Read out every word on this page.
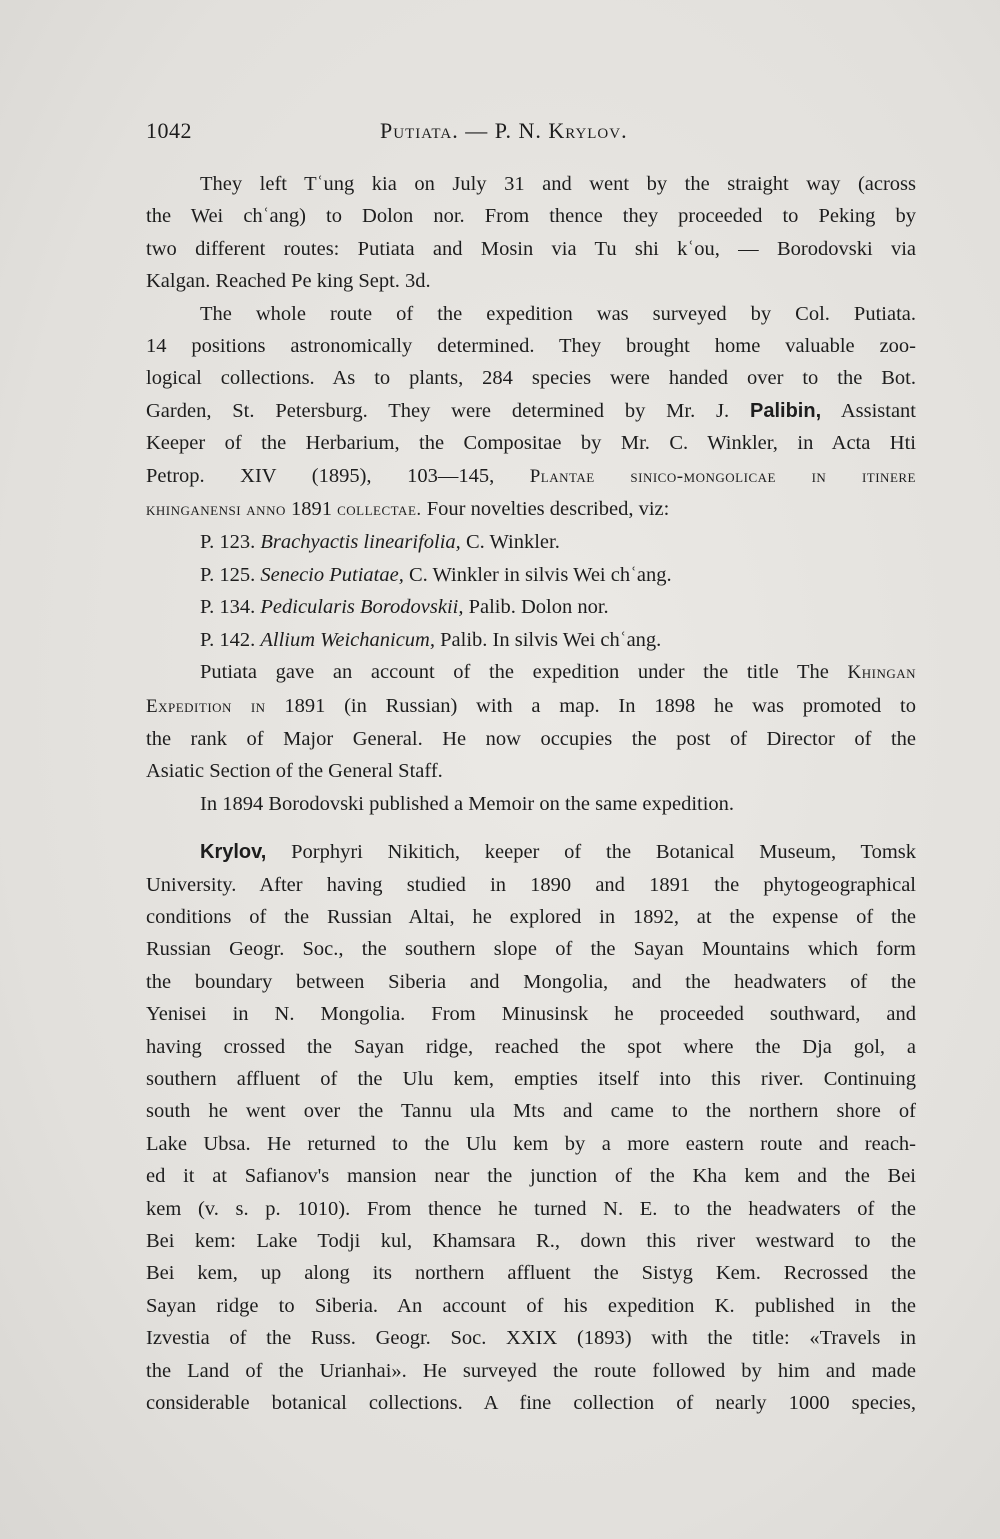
1042	Putiata. — P. N. Krylov.
They left Tʿung kia on July 31 and went by the straight way (across
the Wei chʿang) to Dolon nor. From thence they proceeded to Peking by
two different routes: Putiata and Mosin via Tu shi kʿou, — Borodovski via
Kalgan. Reached Pe king Sept. 3d.
The whole route of the expedition was surveyed by Col. Putiata.
14 positions astronomically determined. They brought home valuable zoo-
logical collections. As to plants, 284 species were handed over to the Bot.
Garden, St. Petersburg. They were determined by Mr. J. Palibin, Assistant
Keeper of the Herbarium, the Compositae by Mr. C. Winkler, in Acta Hti
Petrop. XIV (1895), 103—145, Plantae sinico-mongolicae in itinere
khinganensi anno 1891 collectae. Four novelties described, viz:
P. 123. Brachyactis linearifolia, C. Winkler.
P. 125. Senecio Putiatae, C. Winkler in silvis Wei chʿang.
P. 134. Pedicularis Borodovskii, Palib. Dolon nor.
P. 142. Allium Weichanicum, Palib. In silvis Wei chʿang.
Putiata gave an account of the expedition under the title The Khingan
Expedition in 1891 (in Russian) with a map. In 1898 he was promoted to
the rank of Major General. He now occupies the post of Director of the
Asiatic Section of the General Staff.
In 1894 Borodovski published a Memoir on the same expedition.
Krylov, Porphyri Nikitich, keeper of the Botanical Museum, Tomsk
University. After having studied in 1890 and 1891 the phytogeographical
conditions of the Russian Altai, he explored in 1892, at the expense of the
Russian Geogr. Soc., the southern slope of the Sayan Mountains which form
the boundary between Siberia and Mongolia, and the headwaters of the
Yenisei in N. Mongolia. From Minusinsk he proceeded southward, and
having crossed the Sayan ridge, reached the spot where the Dja gol, a
southern affluent of the Ulu kem, empties itself into this river. Continuing
south he went over the Tannu ula Mts and came to the northern shore of
Lake Ubsa. He returned to the Ulu kem by a more eastern route and reach-
ed it at Safianov's mansion near the junction of the Kha kem and the Bei
kem (v. s. p. 1010). From thence he turned N. E. to the headwaters of the
Bei kem: Lake Todji kul, Khamsara R., down this river westward to the
Bei kem, up along its northern affluent the Sistyg Kem. Recrossed the
Sayan ridge to Siberia. An account of his expedition K. published in the
Izvestia of the Russ. Geogr. Soc. XXIX (1893) with the title: «Travels in
the Land of the Urianhai». He surveyed the route followed by him and made
considerable botanical collections. A fine collection of nearly 1000 species,
